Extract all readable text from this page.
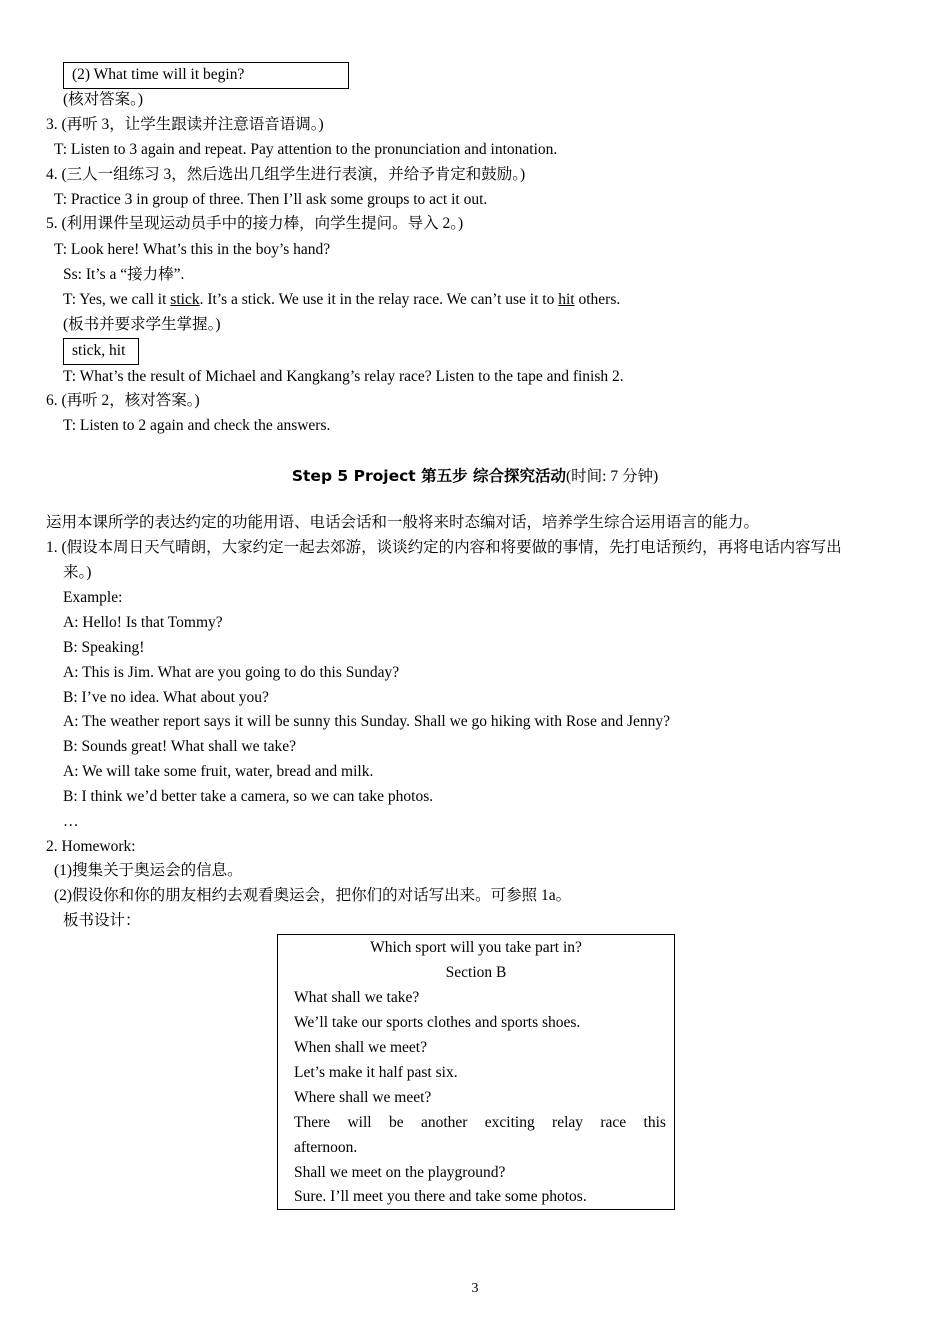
(2) What time will it begin?
(核对答案。)
3. (再听 3，让学生跟读并注意语音语调。)
T: Listen to 3 again and repeat. Pay attention to the pronunciation and intonation.
4. (三人一组练习 3，然后选出几组学生进行表演，并给予肯定和鼓励。)
T: Practice 3 in group of three. Then I’ll ask some groups to act it out.
5. (利用课件呈现运动员手中的接力棒，向学生提问。导入 2。)
T: Look here! What’s this in the boy’s hand?
Ss: It’s a “接力棒”.
T: Yes, we call it stick. It’s a stick. We use it in the relay race. We can’t use it to hit others.
(板书并要求学生掌握。)
stick, hit
T: What’s the result of Michael and Kangkang’s relay race? Listen to the tape and finish 2.
6. (再听 2，核对答案。)
T: Listen to 2 again and check the answers.
Step 5 Project 第五步 综合探究活动(时间: 7 分钟)
运用本课所学的表达约定的功能用语、电话会话和一般将来时态编对话，培养学生综合运用语言的能力。
1. (假设本周日天气晴朗，大家约定一起去郊游，谈谈约定的内容和将要做的事情，先打电话预约，再将电话内容写出
来。)
Example:
A: Hello! Is that Tommy?
B: Speaking!
A: This is Jim. What are you going to do this Sunday?
B: I’ve no idea. What about you?
A: The weather report says it will be sunny this Sunday. Shall we go hiking with Rose and Jenny?
B: Sounds great! What shall we take?
A: We will take some fruit, water, bread and milk.
B: I think we’d better take a camera, so we can take photos.
…
2. Homework:
(1)搜集关于奥运会的信息。
(2)假设你和你的朋友相约去观看奥运会，把你们的对话写出来。可参照 1a。
板书设计：
Which sport will you take part in?
Section B
What shall we take?
We’ll take our sports clothes and sports shoes.
When shall we meet?
Let’s make it half past six.
Where shall we meet?
There will be another exciting relay race this
afternoon.
Shall we meet on the playground?
Sure. I’ll meet you there and take some photos.
3
